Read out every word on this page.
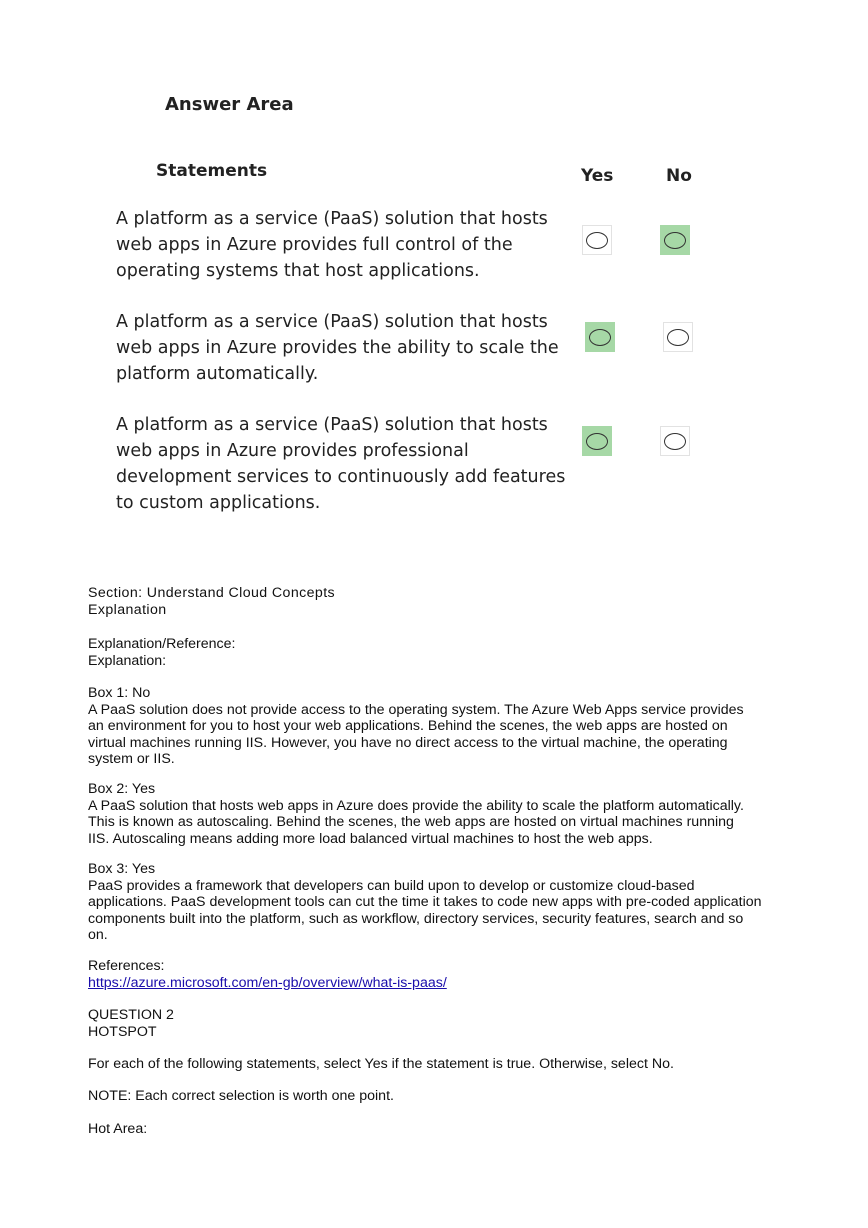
Answer Area
Statements	Yes	No
A platform as a service (PaaS) solution that hosts
web apps in Azure provides full control of the
operating systems that host applications.
A platform as a service (PaaS) solution that hosts
web apps in Azure provides the ability to scale the
platform automatically.
A platform as a service (PaaS) solution that hosts
web apps in Azure provides professional
development services to continuously add features
to custom applications.
Section: Understand Cloud Concepts
Explanation
Explanation/Reference:
Explanation:

Box 1: No

A PaaS solution does not provide access to the operating system. The Azure Web Apps service provides

an environment for you to host your web applications. Behind the scenes, the web apps are hosted on

virtual machines running IIS. However, you have no direct access to the virtual machine, the operating

system or IIS.

Box 2: Yes

A PaaS solution that hosts web apps in Azure does provide the ability to scale the platform automatically.

This is known as autoscaling. Behind the scenes, the web apps are hosted on virtual machines running

IIS. Autoscaling means adding more load balanced virtual machines to host the web apps.

Box 3: Yes

PaaS provides a framework that developers can build upon to develop or customize cloud-based

applications. PaaS development tools can cut the time it takes to code new apps with pre-coded application

components built into the platform, such as workflow, directory services, security features, search and so

on.

References:

https://azure.microsoft.com/en-gb/overview/what-is-paas/

QUESTION 2

HOTSPOT

For each of the following statements, select Yes if the statement is true. Otherwise, select No.
NOTE: Each correct selection is worth one point.
Hot Area:
